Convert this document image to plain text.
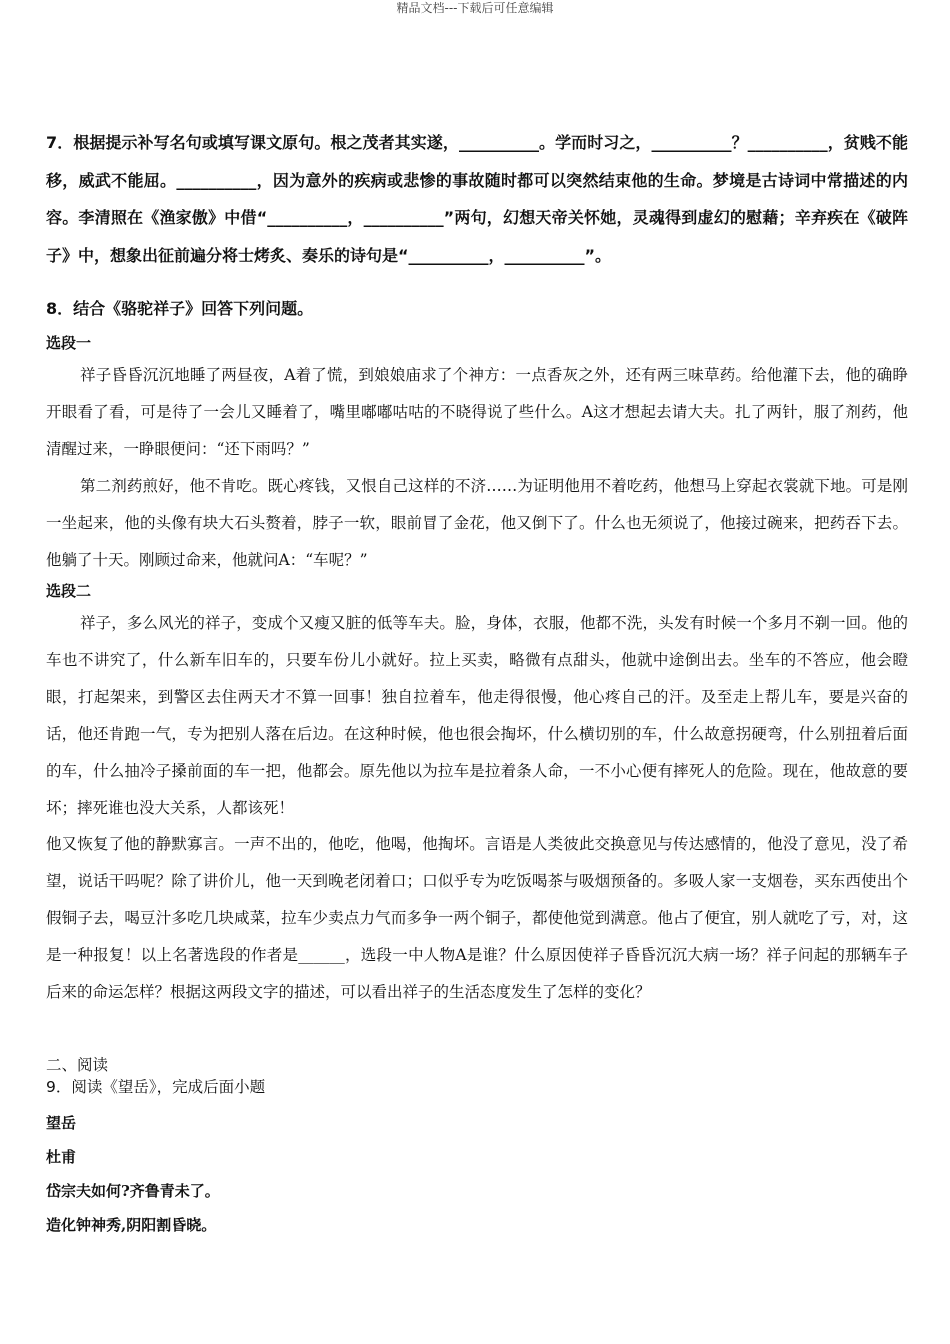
精品文档---下载后可任意编辑

7．根据提示补写名句或填写课文原句。根之茂者其实遂，__________。学而时习之，__________？__________，贫贱不能移，威武不能屈。__________，因为意外的疾病或悲惨的事故随时都可以突然结束他的生命。梦境是古诗词中常描述的内容。李清照在《渔家傲》中借“__________，__________”两句，幻想天帝关怀她，灵魂得到虚幻的慰藉；辛弃疾在《破阵子》中，想象出征前遍分将士烤炙、奏乐的诗句是“__________，__________”。

8．结合《骆驼祥子》回答下列问题。
选段一
祥子昏昏沉沉地睡了两昼夜，A着了慌，到娘娘庙求了个神方：一点香灰之外，还有两三味草药。给他灌下去，他的确睁开眼看了看，可是待了一会儿又睡着了，嘴里嘟嘟咕咕的不晓得说了些什么。A这才想起去请大夫。扎了两针，服了剂药，他清醒过来，一睁眼便问：“还下雨吗？”
第二剂药煎好，他不肯吃。既心疼钱，又恨自己这样的不济……为证明他用不着吃药，他想马上穿起衣裳就下地。可是刚一坐起来，他的头像有块大石头赘着，脖子一软，眼前冒了金花，他又倒下了。什么也无须说了，他接过碗来，把药吞下去。他躺了十天。刚顾过命来，他就问A：“车呢？”
选段二
祥子，多么风光的祥子，变成个又瘦又脏的低等车夫。脸，身体，衣服，他都不洗，头发有时候一个多月不剃一回。他的车也不讲究了，什么新车旧车的，只要车份儿小就好。拉上买卖，略微有点甜头，他就中途倒出去。坐车的不答应，他会瞪眼，打起架来，到警区去住两天才不算一回事！独自拉着车，他走得很慢，他心疼自己的汗。及至走上帮儿车，要是兴奋的话，他还肯跑一气，专为把别人落在后边。在这种时候，他也很会掏坏，什么横切别的车，什么故意拐硬弯，什么别扭着后面的车，什么抽冷子搡前面的车一把，他都会。原先他以为拉车是拉着条人命，一不小心便有摔死人的危险。现在，他故意的要坏；摔死谁也没大关系，人都该死！
他又恢复了他的静默寡言。一声不出的，他吃，他喝，他掏坏。言语是人类彼此交换意见与传达感情的，他没了意见，没了希望，说话干吗呢？除了讲价儿，他一天到晚老闭着口；口似乎专为吃饭喝茶与吸烟预备的。多吸人家一支烟卷，买东西使出个假铜子去，喝豆汁多吃几块咸菜，拉车少卖点力气而多争一两个铜子，都使他觉到满意。他占了便宜，别人就吃了亏，对，这是一种报复！以上名著选段的作者是______，选段一中人物A是谁？什么原因使祥子昏昏沉沉大病一场？祥子问起的那辆车子后来的命运怎样？根据这两段文字的描述，可以看出祥子的生活态度发生了怎样的变化？
二、阅读
9．阅读《望岳》，完成后面小题
望岳
杜甫
岱宗夫如何?齐鲁青未了。
造化钟神秀,阴阳割昏晓。
